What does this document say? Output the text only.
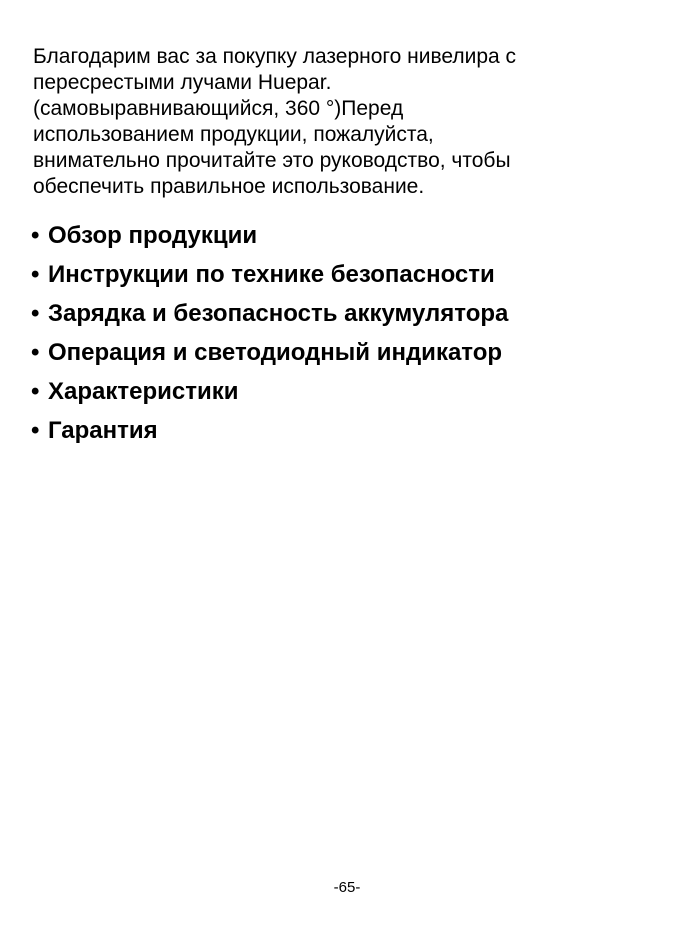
Благодарим вас за покупку лазерного нивелира с
пересрестыми лучами Huepar.
(самовыравнивающийся, 360 °)Перед
использованием продукции, пожалуйста,
внимательно прочитайте это руководство, чтобы
обеспечить правильное использование.

• Обзор продукции
• Инструкции по технике безопасности
• Зарядка и безопасность аккумулятора
• Операция и светодиодный индикатор
• Характеристики
• Гарантия
-65-
